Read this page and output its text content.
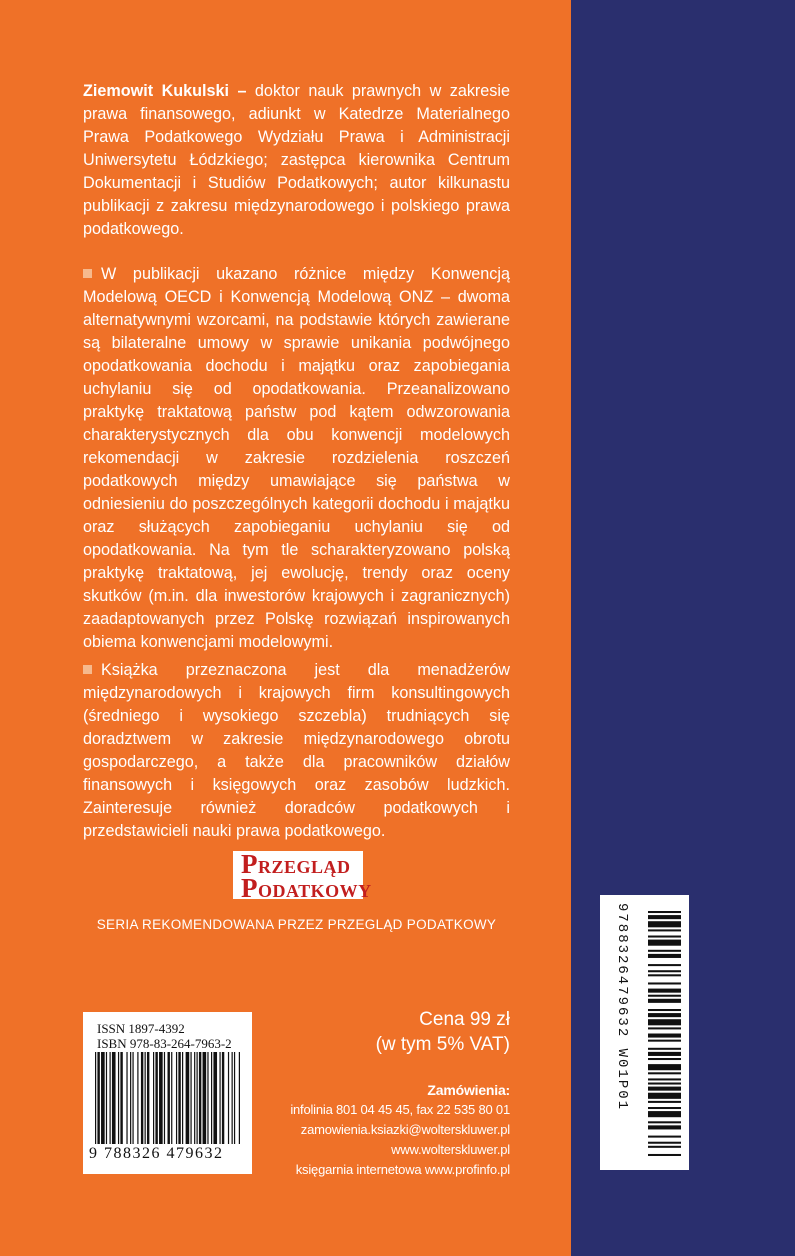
Ziemowit Kukulski – doktor nauk prawnych w zakresie prawa finansowego, adiunkt w Katedrze Materialnego Prawa Podatkowego Wydziału Prawa i Administracji Uniwersytetu Łódzkiego; zastępca kierownika Centrum Dokumentacji i Studiów Podatkowych; autor kilkunastu publikacji z zakresu międzynarodowego i polskiego prawa podatkowego.
W publikacji ukazano różnice między Konwencją Modelową OECD i Konwencją Modelową ONZ – dwoma alternatywnymi wzorcami, na podstawie których zawierane są bilateralne umowy w sprawie unikania podwójnego opodatkowania dochodu i majątku oraz zapobiegania uchylaniu się od opodatkowania. Przeanalizowano praktykę traktatową państw pod kątem odwzorowania charakterystycznych dla obu konwencji modelowych rekomendacji w zakresie rozdzielenia roszczeń podatkowych między umawiające się państwa w odniesieniu do poszczególnych kategorii dochodu i majątku oraz służących zapobieganiu uchylaniu się od opodatkowania. Na tym tle scharakteryzowano polską praktykę traktatową, jej ewolucję, trendy oraz oceny skutków (m.in. dla inwestorów krajowych i zagranicznych) zaadaptowanych przez Polskę rozwiązań inspirowanych obiema konwencjami modelowymi.
Książka przeznaczona jest dla menadżerów międzynarodowych i krajowych firm konsultingowych (średniego i wysokiego szczebla) trudniących się doradztwem w zakresie międzynarodowego obrotu gospodarczego, a także dla pracowników działów finansowych i księgowych oraz zasobów ludzkich. Zainteresuje również doradców podatkowych i przedstawicieli nauki prawa podatkowego.
PRZEGLĄD
PODATKOWY
SERIA REKOMENDOWANA PRZEZ PRZEGLĄD PODATKOWY
ISSN 1897-4392
ISBN 978-83-264-7963-2
9 788326 479632
Cena 99 zł
(w tym 5% VAT)
Zamówienia:
infolinia 801 04 45 45, fax 22 535 80 01
zamowienia.ksiazki@wolterskluwer.pl
www.wolterskluwer.pl
księgarnia internetowa www.profinfo.pl
9788326479632 W01P01
